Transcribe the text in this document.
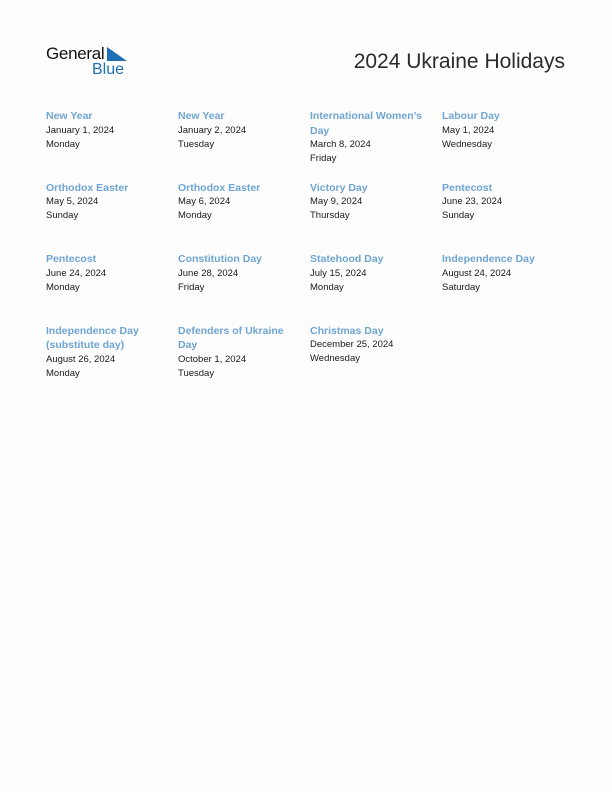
General
Blue	2024 Ukraine Holidays
New Year
January 1, 2024
Monday
New Year
January 2, 2024
Tuesday
International Women’s Day
March 8, 2024
Friday
Labour Day
May 1, 2024
Wednesday
Orthodox Easter
May 5, 2024
Sunday
Orthodox Easter
May 6, 2024
Monday
Victory Day
May 9, 2024
Thursday
Pentecost
June 23, 2024
Sunday
Pentecost
June 24, 2024
Monday
Constitution Day
June 28, 2024
Friday
Statehood Day
July 15, 2024
Monday
Independence Day
August 24, 2024
Saturday
Independence Day (substitute day)
August 26, 2024
Monday
Defenders of Ukraine Day
October 1, 2024
Tuesday
Christmas Day
December 25, 2024
Wednesday
